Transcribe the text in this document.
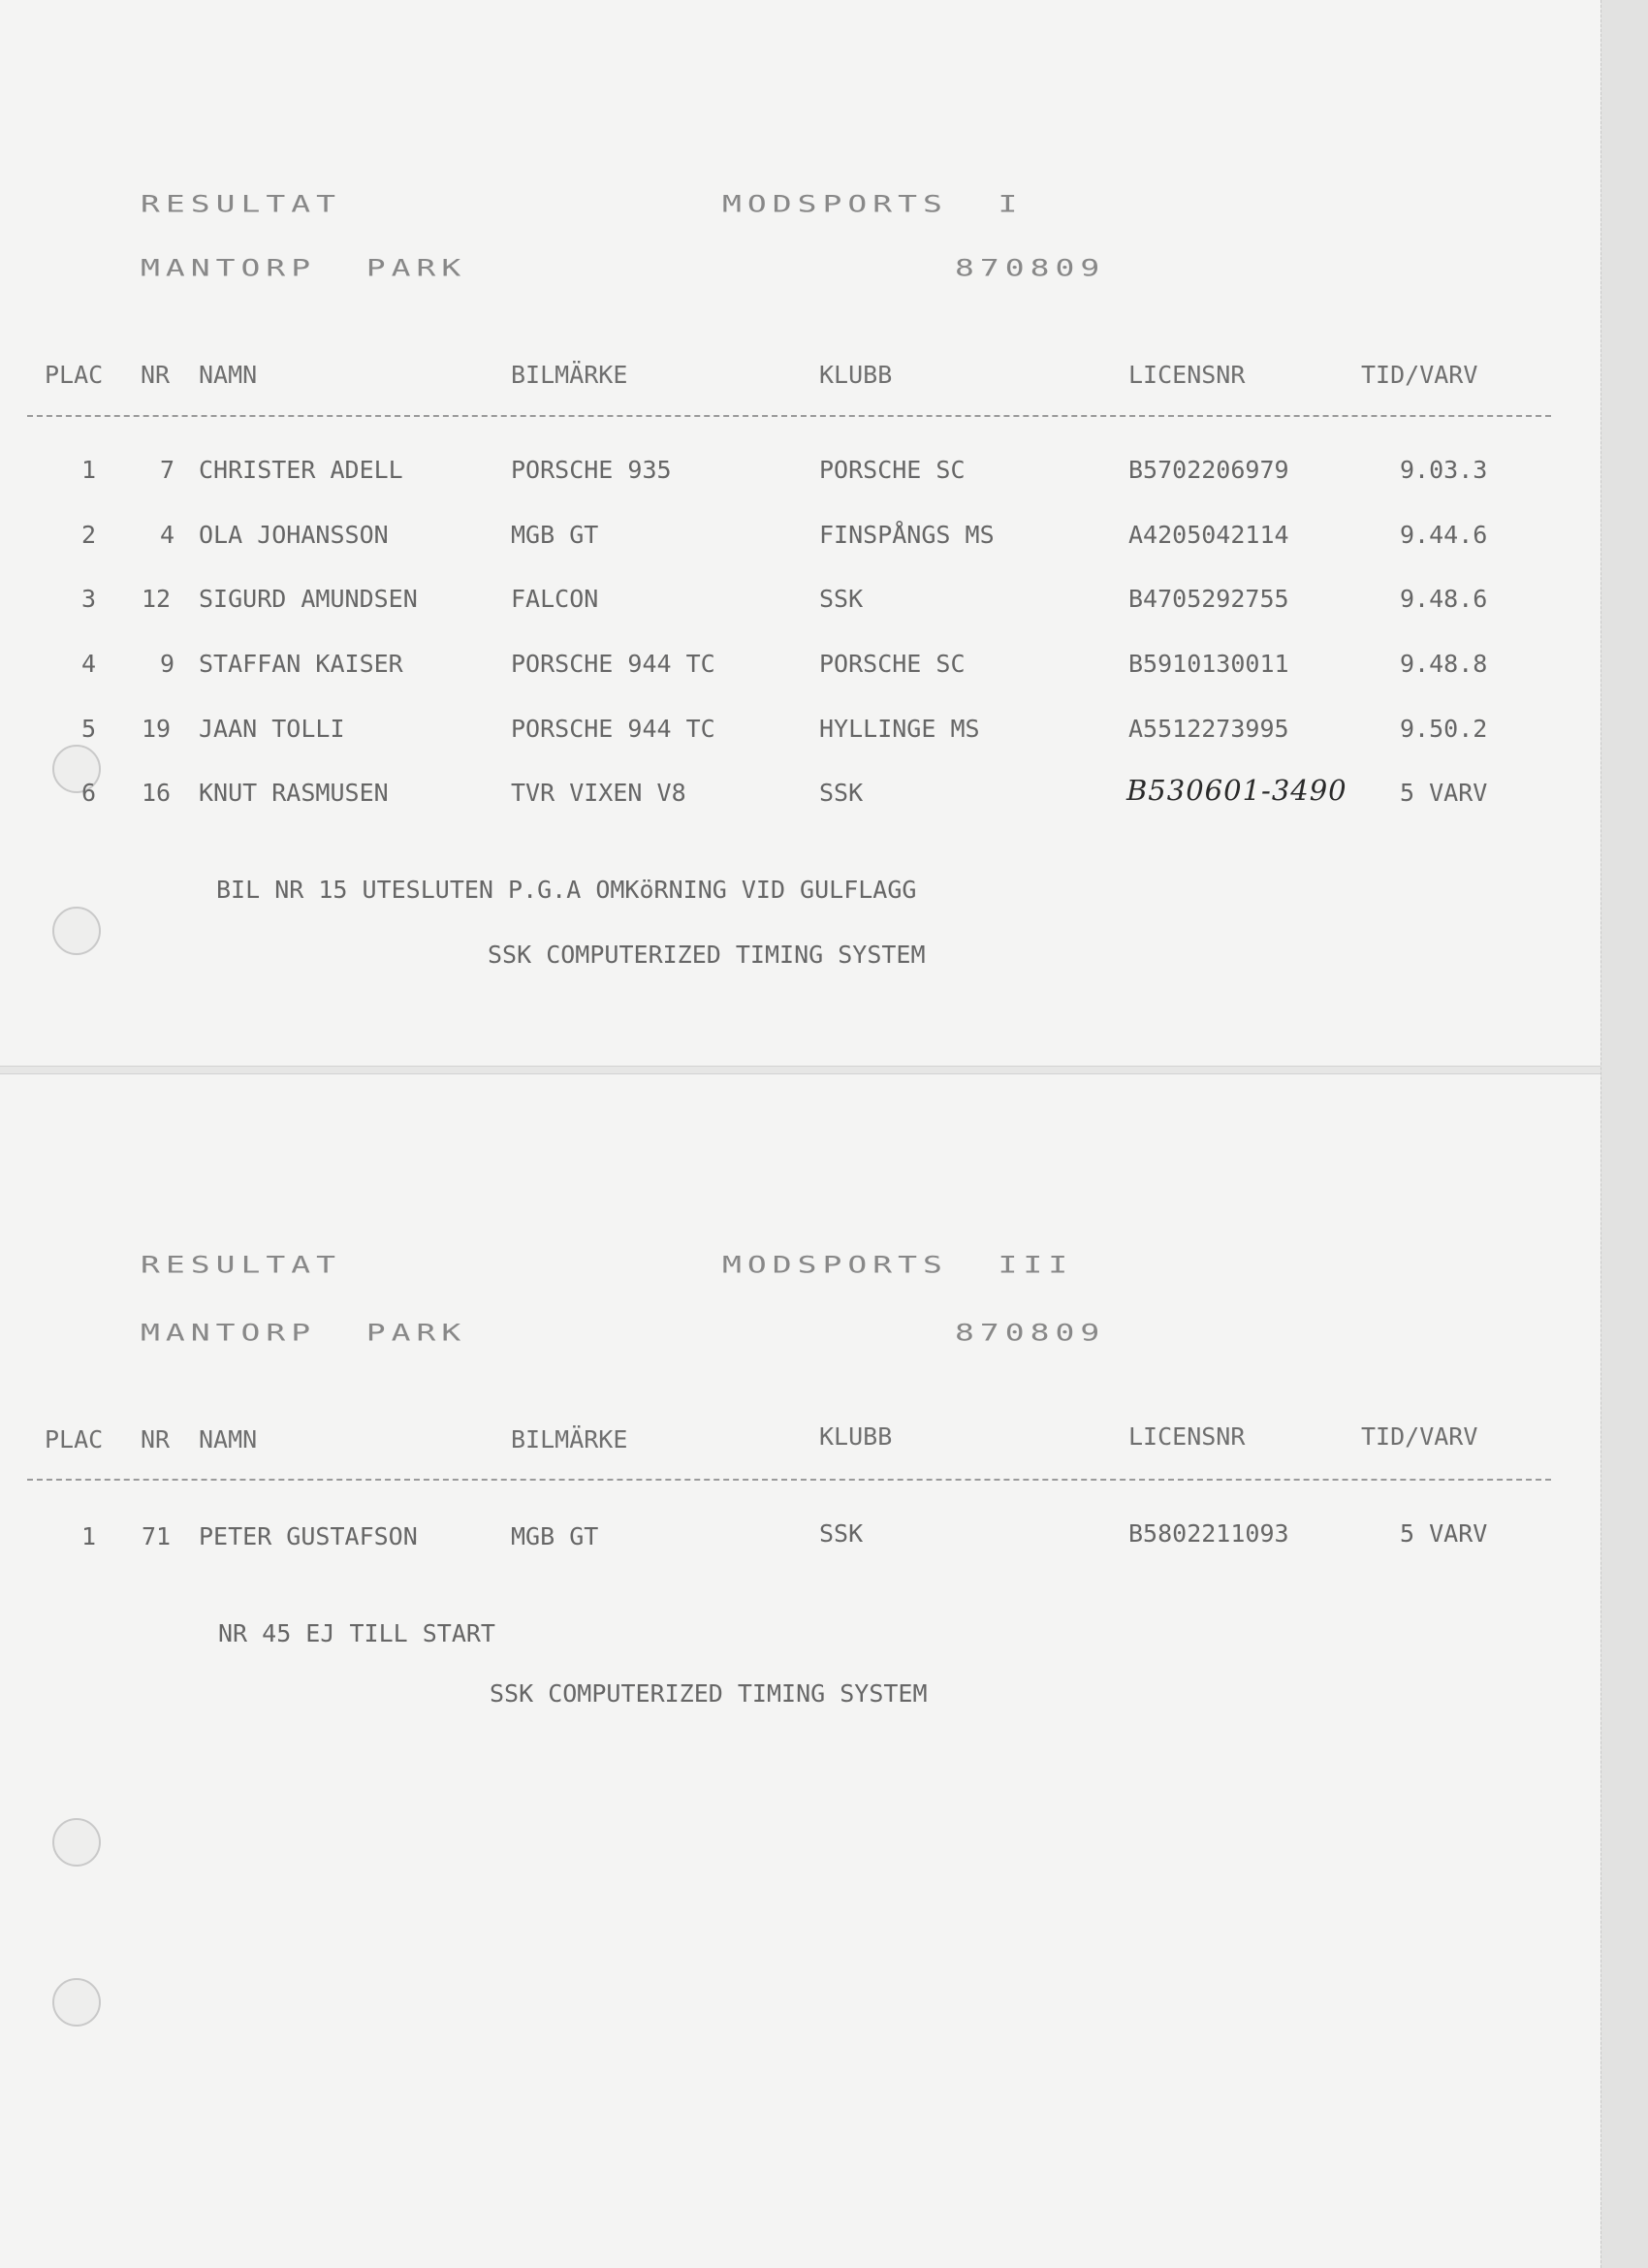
RESULTAT	MODSPORTS  I
MANTORP  PARK	870809
PLAC NR NAMN	BILMÄRKE	KLUBB	LICENSNR	TID/VARV
1	7 CHRISTER ADELL	PORSCHE 935	PORSCHE SC	B5702206979	9.03.3
2	4 OLA JOHANSSON	MGB GT	FINSPÅNGS MS	A4205042114	9.44.6
3 12 SIGURD AMUNDSEN	FALCON	SSK	B4705292755	9.48.6
4	9 STAFFAN KAISER	PORSCHE 944 TC	PORSCHE SC	B5910130011	9.48.8
5 19 JAAN TOLLI	PORSCHE 944 TC	HYLLINGE MS	A5512273995	9.50.2
6 16 KNUT RASMUSEN	TVR VIXEN V8	SSK	B530601-3490 5 VARV
BIL NR 15 UTESLUTEN P.G.A OMKöRNING VID GULFLAGG
SSK COMPUTERIZED TIMING SYSTEM
RESULTAT	MODSPORTS  III
MANTORP  PARK	870809
PLAC NR NAMN	BILMÄRKE	KLUBB	LICENSNR	TID/VARV
1 71 PETER GUSTAFSON	MGB GT	SSK	B5802211093	5 VARV
NR 45 EJ TILL START
SSK COMPUTERIZED TIMING SYSTEM
